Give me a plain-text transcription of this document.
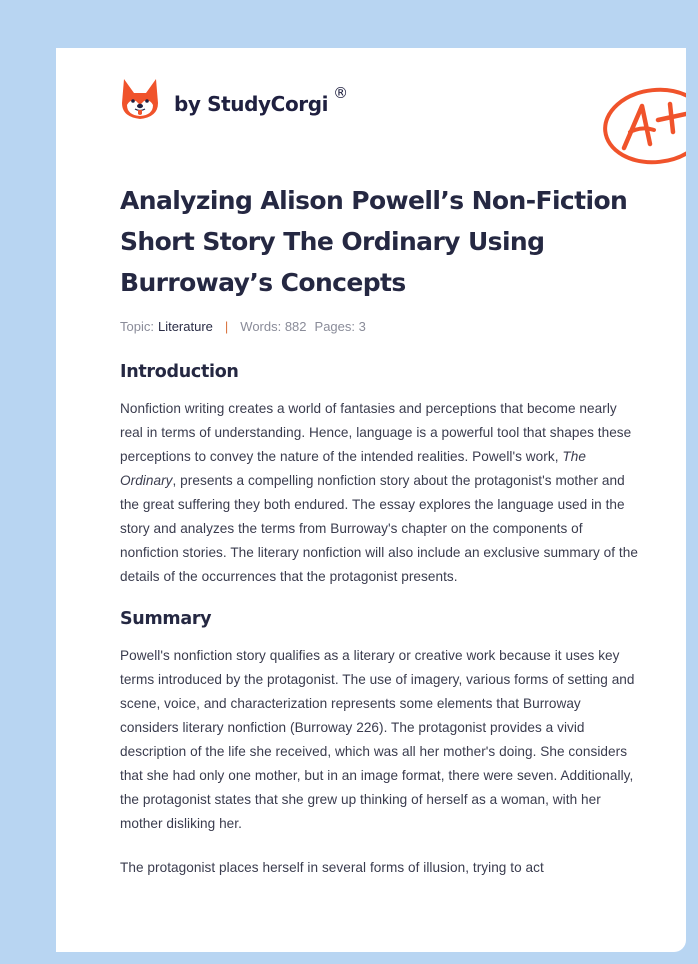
by StudyCorgi ®
Analyzing Alison Powell’s Non-Fiction Short Story The Ordinary Using Burroway’s Concepts
Topic: Literature | Words: 882 Pages: 3
Introduction

Nonfiction writing creates a world of fantasies and perceptions that become nearly real in terms of understanding. Hence, language is a powerful tool that shapes these perceptions to convey the nature of the intended realities. Powell's work, The Ordinary, presents a compelling nonfiction story about the protagonist's mother and the great suffering they both endured. The essay explores the language used in the story and analyzes the terms from Burroway's chapter on the components of nonfiction stories. The literary nonfiction will also include an exclusive summary of the details of the occurrences that the protagonist presents.

Summary

Powell's nonfiction story qualifies as a literary or creative work because it uses key terms introduced by the protagonist. The use of imagery, various forms of setting and scene, voice, and characterization represents some elements that Burroway considers literary nonfiction (Burroway 226). The protagonist provides a vivid description of the life she received, which was all her mother's doing. She considers that she had only one mother, but in an image format, there were seven. Additionally, the protagonist states that she grew up thinking of herself as a woman, with her mother disliking her.

The protagonist places herself in several forms of illusion, trying to act
